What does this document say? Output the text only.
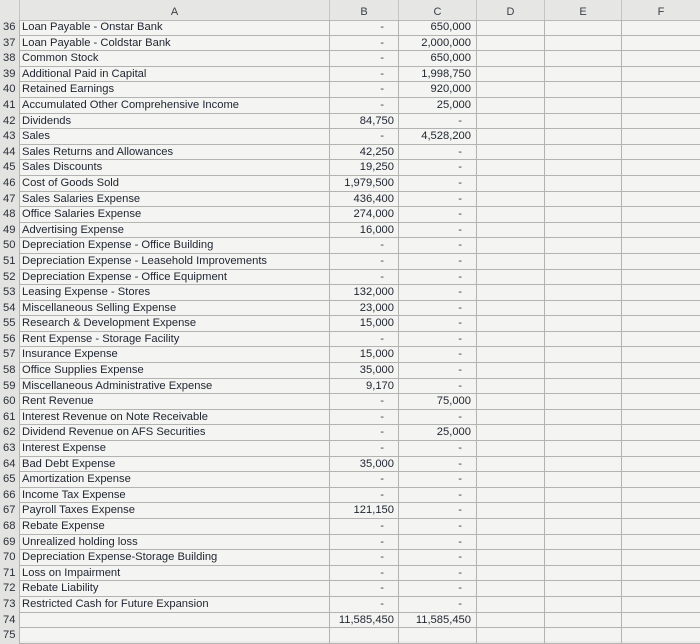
A	B	C	D	E	F
36 Loan Payable - Onstar Bank	-	650,000
37 Loan Payable - Coldstar Bank	-	2,000,000
38 Common Stock	-	650,000
39 Additional Paid in Capital	-	1,998,750
40 Retained Earnings	-	920,000
41 Accumulated Other Comprehensive Income	-	25,000
42 Dividends	84,750	-
43 Sales	-	4,528,200
44 Sales Returns and Allowances	42,250	-
45 Sales Discounts	19,250	-
46 Cost of Goods Sold	1,979,500	-
47 Sales Salaries Expense	436,400	-
48 Office Salaries Expense	274,000	-
49 Advertising Expense	16,000	-
50 Depreciation Expense - Office Building	-	-
51 Depreciation Expense - Leasehold Improvements	-	-
52 Depreciation Expense - Office Equipment	-	-
53 Leasing Expense - Stores	132,000	-
54 Miscellaneous Selling Expense	23,000	-
55 Research & Development Expense	15,000	-
56 Rent Expense - Storage Facility	-	-
57 Insurance Expense	15,000	-
58 Office Supplies Expense	35,000	-
59 Miscellaneous Administrative Expense	9,170	-
60 Rent Revenue	-	75,000
61 Interest Revenue on Note Receivable	-	-
62 Dividend Revenue on AFS Securities	-	25,000
63 Interest Expense	-	-
64 Bad Debt Expense	35,000	-
65 Amortization Expense	-	-
66 Income Tax Expense	-	-
67 Payroll Taxes Expense	121,150	-
68 Rebate Expense	-	-
69 Unrealized holding loss	-	-
70 Depreciation Expense-Storage Building	-	-
71 Loss on Impairment	-	-
72 Rebate Liability	-	-
73 Restricted Cash for Future Expansion	-	-
74	11,585,450	11,585,450
75
